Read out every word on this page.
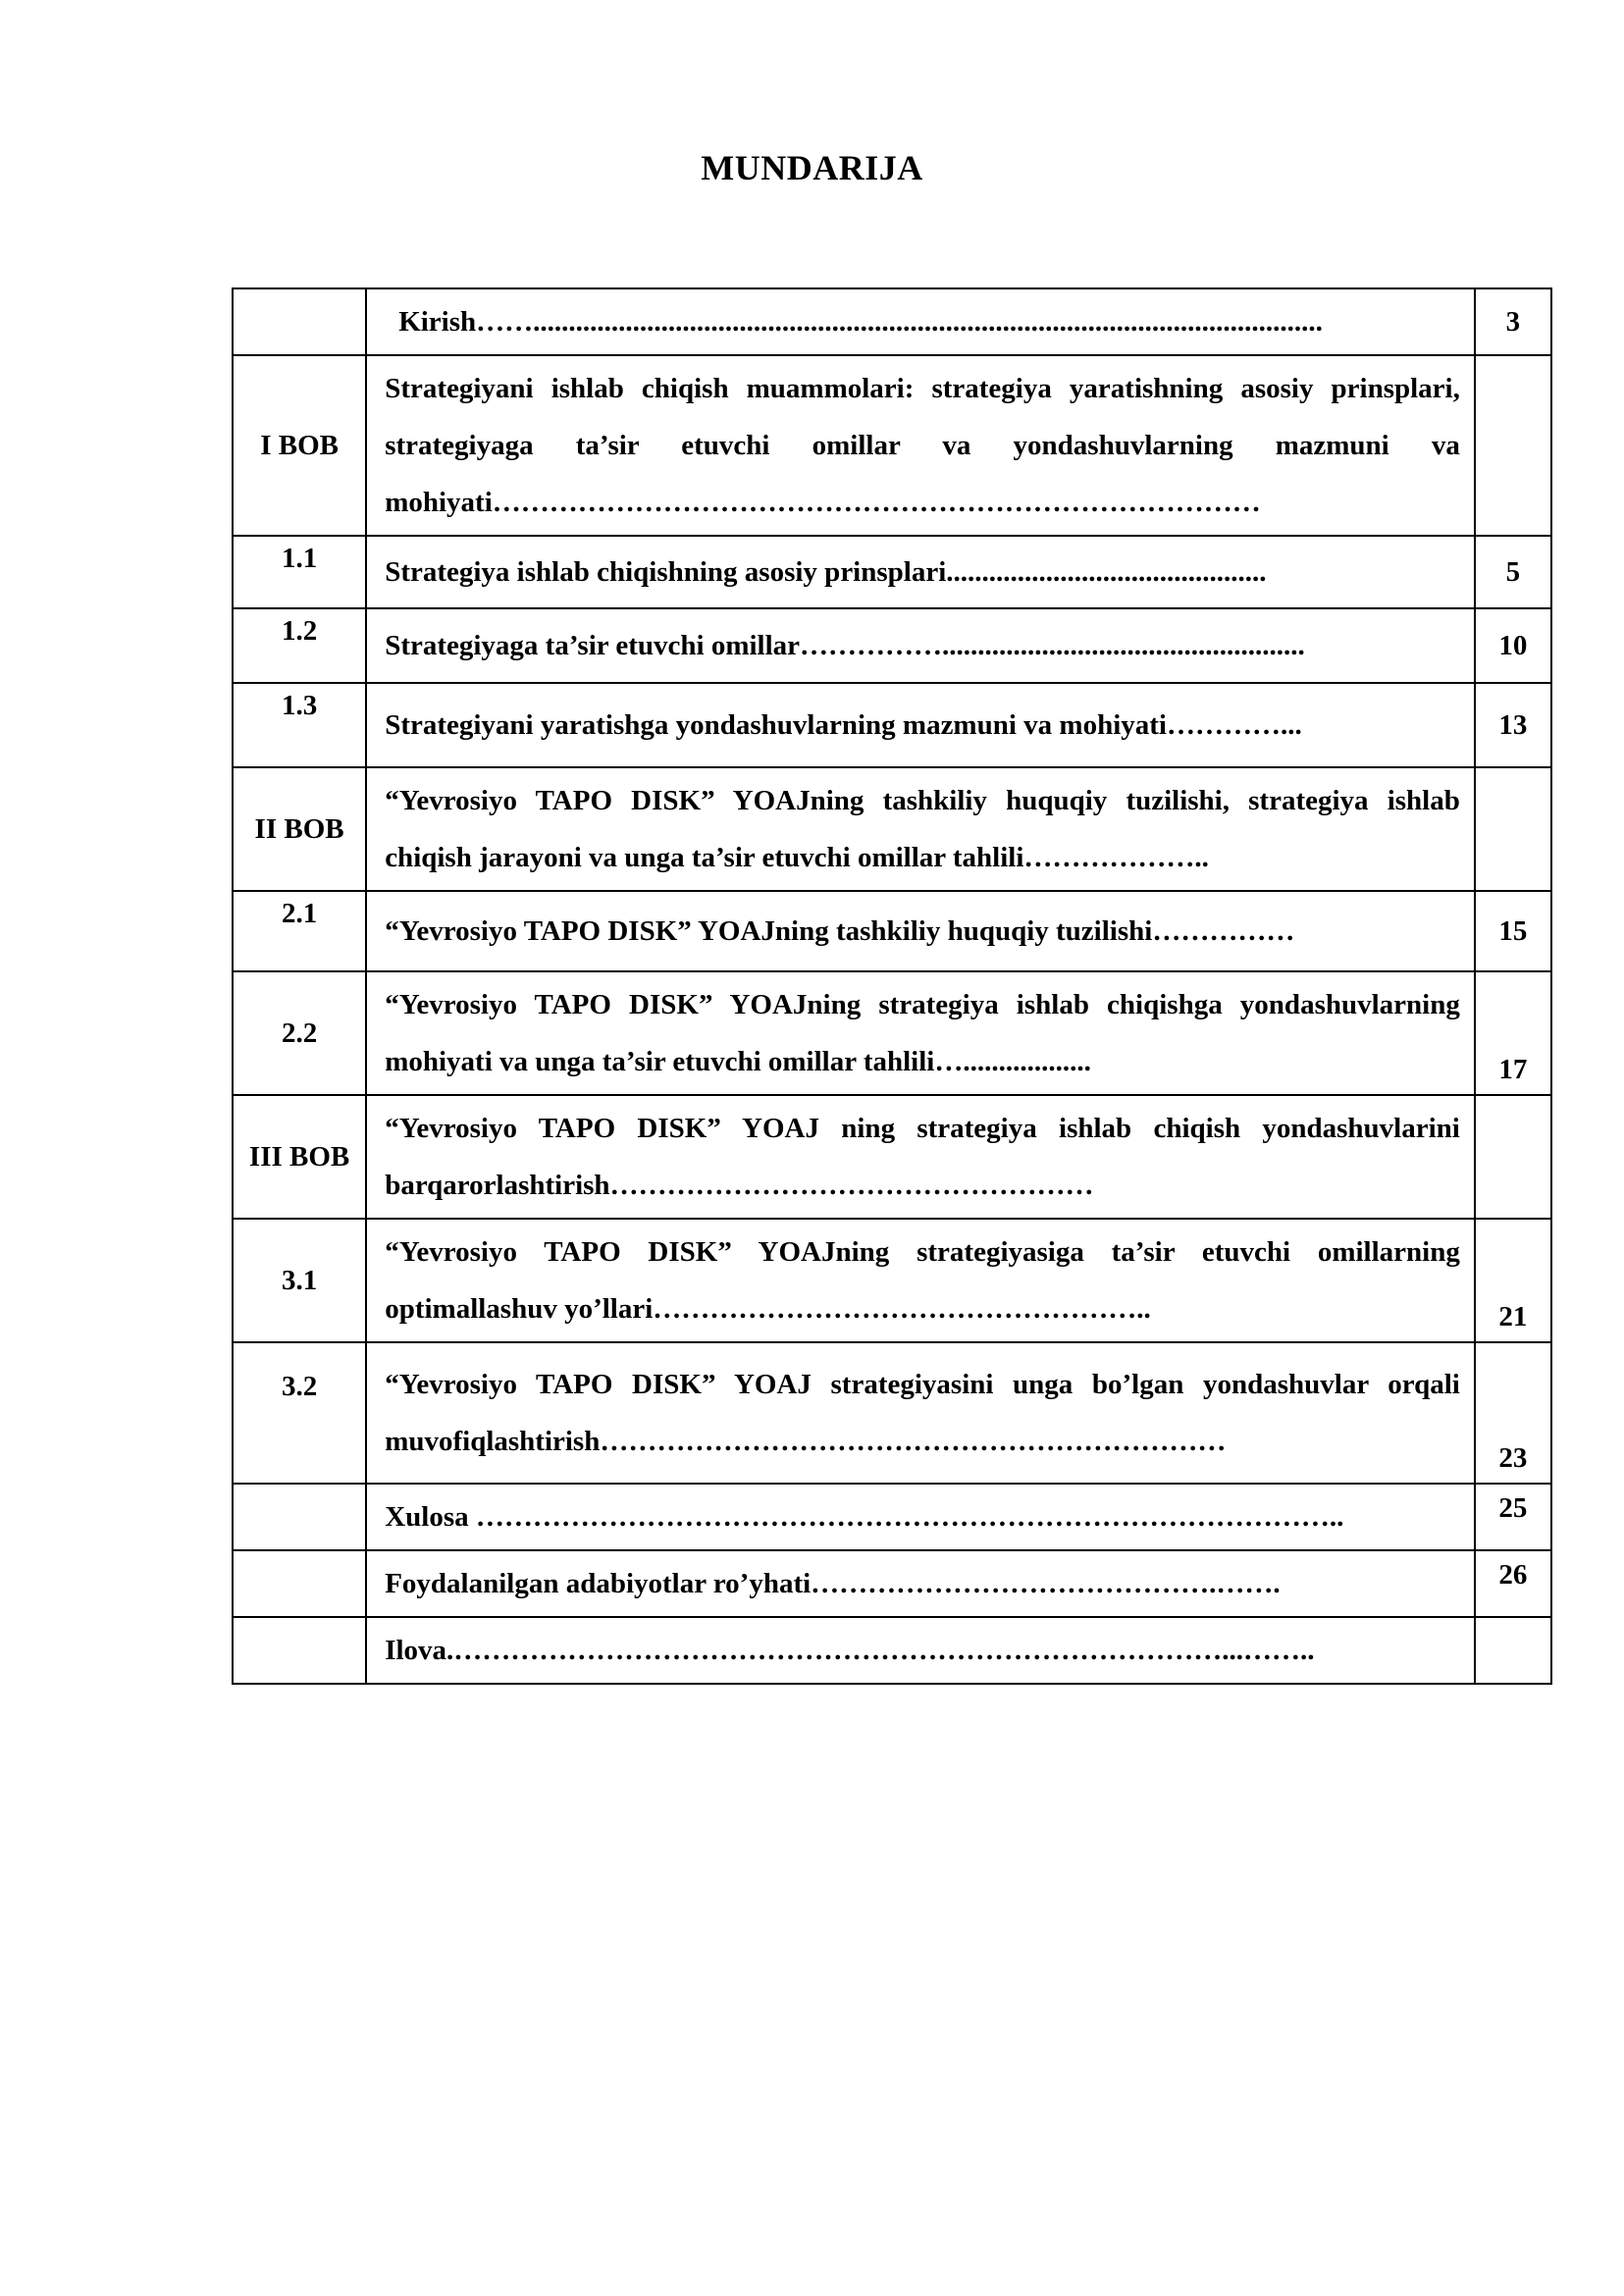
MUNDARIJA
	Kirish……...............................................................................................................	3
I BOB	Strategiyani ishlab chiqish muammolari: strategiya yaratishning asosiy prinsplari, strategiyaga ta’sir etuvchi omillar va yondashuvlarning mazmuni va mohiyati………………………………………………………………………	
1.1	Strategiya ishlab chiqishning asosiy prinsplari.............................................	5
1.2	Strategiyaga ta’sir etuvchi omillar……………...................................................	10
1.3	Strategiyani yaratishga yondashuvlarning mazmuni va mohiyati…………...	13
II BOB	“Yevrosiyo TAPO DISK” YOAJning tashkiliy huquqiy tuzilishi, strategiya ishlab chiqish jarayoni va unga ta’sir etuvchi omillar tahlili………………..	
2.1	“Yevrosiyo TAPO DISK” YOAJning tashkiliy huquqiy tuzilishi……………	15
2.2	“Yevrosiyo TAPO DISK” YOAJning strategiya ishlab chiqishga yondashuvlarning mohiyati va unga ta’sir etuvchi omillar tahlili…..................	17
III BOB	“Yevrosiyo TAPO DISK” YOAJ ning strategiya ishlab chiqish yondashuvlarini barqarorlashtirish……………………………………………	
3.1	“Yevrosiyo TAPO DISK” YOAJning strategiyasiga ta’sir etuvchi omillarning optimallashuv yo’llari……………………………………………..	21
3.2	“Yevrosiyo TAPO DISK” YOAJ strategiyasini unga bo’lgan yondashuvlar orqali muvofiqlashtirish…………………………………………………………	23
	Xulosa ………………………………………………………………………………..	25
	Foydalanilgan adabiyotlar ro’yhati…………………………………….…….	26
	Ilova.………………………………………………………………………...……..	
